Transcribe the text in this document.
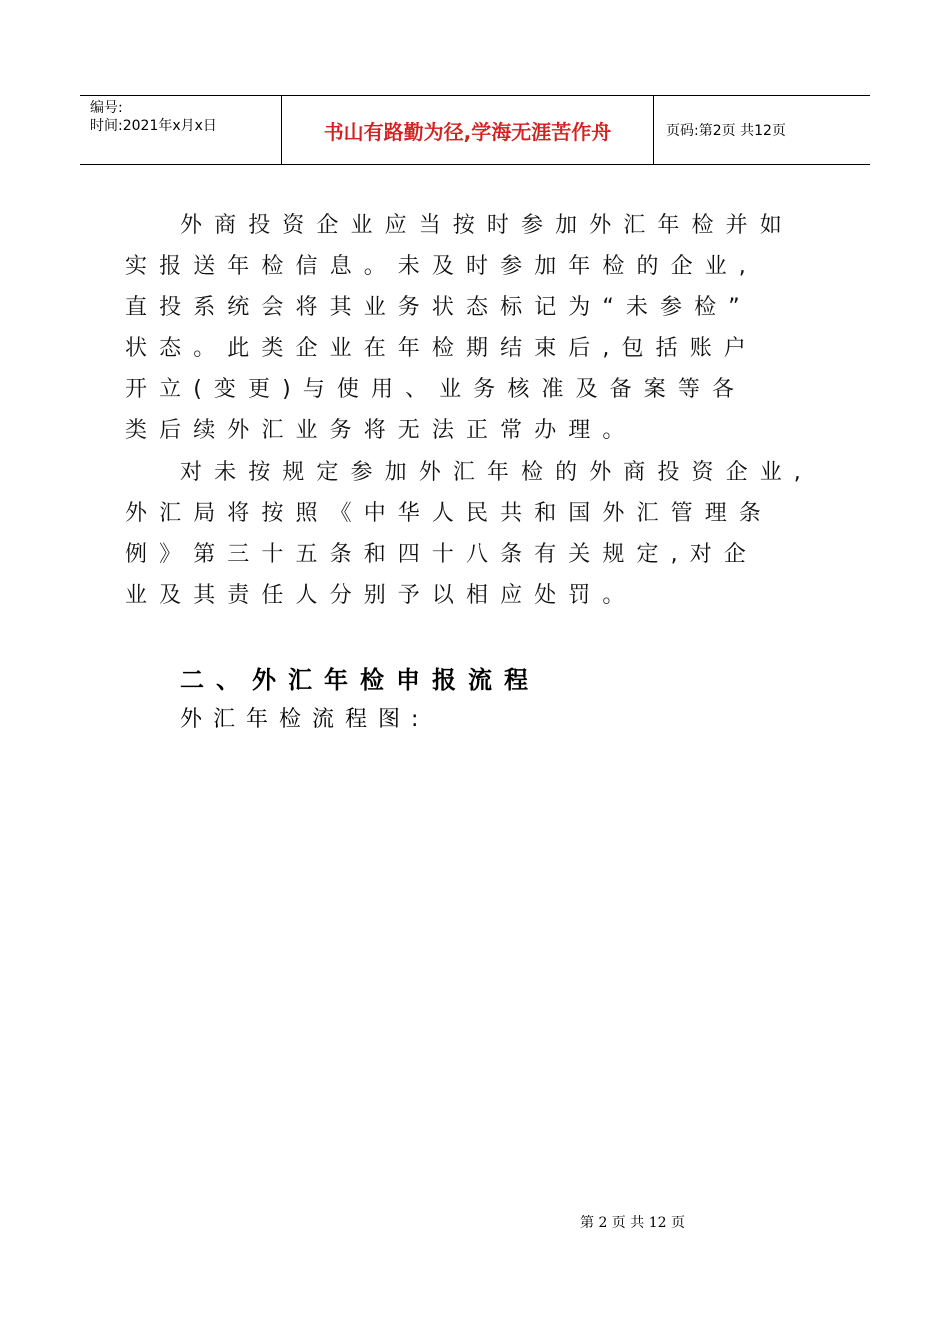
编号:
时间:2021年x月x日	书山有路勤为径,学海无涯苦作舟	页码:第2页 共12页
外商投资企业应当按时参加外汇年检并如
实报送年检信息。未及时参加年检的企业,
直投系统会将其业务状态标记为“未参检”
状态。此类企业在年检期结束后,包括账户
开立(变更)与使用、业务核准及备案等各
类后续外汇业务将无法正常办理。
对未按规定参加外汇年检的外商投资企业,
外汇局将按照《中华人民共和国外汇管理条
例》第三十五条和四十八条有关规定,对企
业及其责任人分别予以相应处罚。
二、外汇年检申报流程
外汇年检流程图:
第 2 页 共 12 页
